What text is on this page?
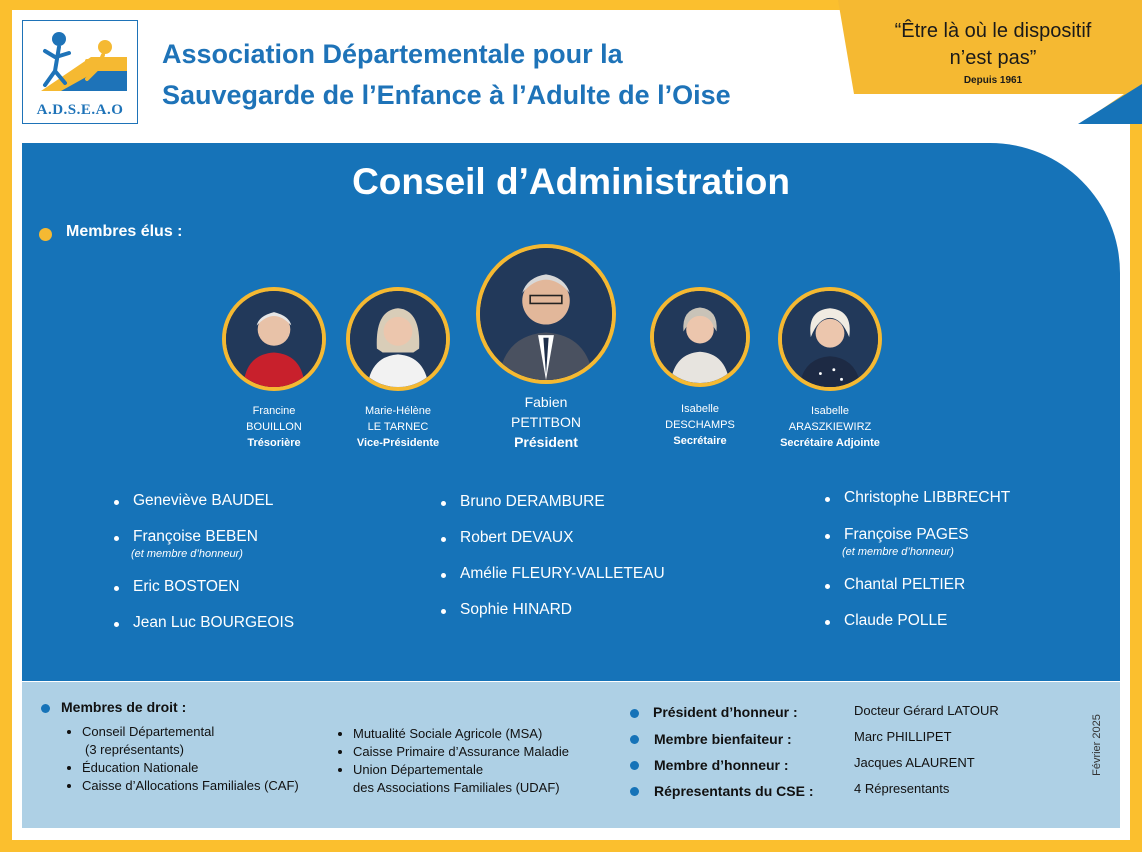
A.D.S.E.A.O
Association Départementale pour la
Sauvegarde de l’Enfance à l’Adulte de l’Oise
“Être là où le dispositif
n’est pas”
Depuis 1961
Conseil d’Administration
Membres élus :
Francine
BOUILLON
Trésorière
Marie-Hélène
LE TARNEC
Vice-Présidente
Fabien
PETITBON
Président
Isabelle
DESCHAMPS
Secrétaire
Isabelle
ARASZKIEWIRZ
Secrétaire Adjointe
Geneviève BAUDEL
Françoise BEBEN
(et membre d’honneur)
Eric BOSTOEN
Jean Luc BOURGEOIS
Bruno DERAMBURE
Robert DEVAUX
Amélie FLEURY-VALLETEAU
Sophie HINARD
Christophe LIBBRECHT
Françoise PAGES
(et membre d’honneur)
Chantal PELTIER
Claude POLLE
Membres de droit :
Conseil Départemental
(3 représentants)
Éducation Nationale
Caisse d’Allocations Familiales (CAF)
Mutualité Sociale Agricole (MSA)
Caisse Primaire d’Assurance Maladie
Union Départementale
des Associations Familiales (UDAF)
Président d’honneur :	Docteur Gérard LATOUR
Membre bienfaiteur :	Marc PHILLIPET
Membre d’honneur :	Jacques ALAURENT
Répresentants du CSE :	4 Répresentants
Février 2025
